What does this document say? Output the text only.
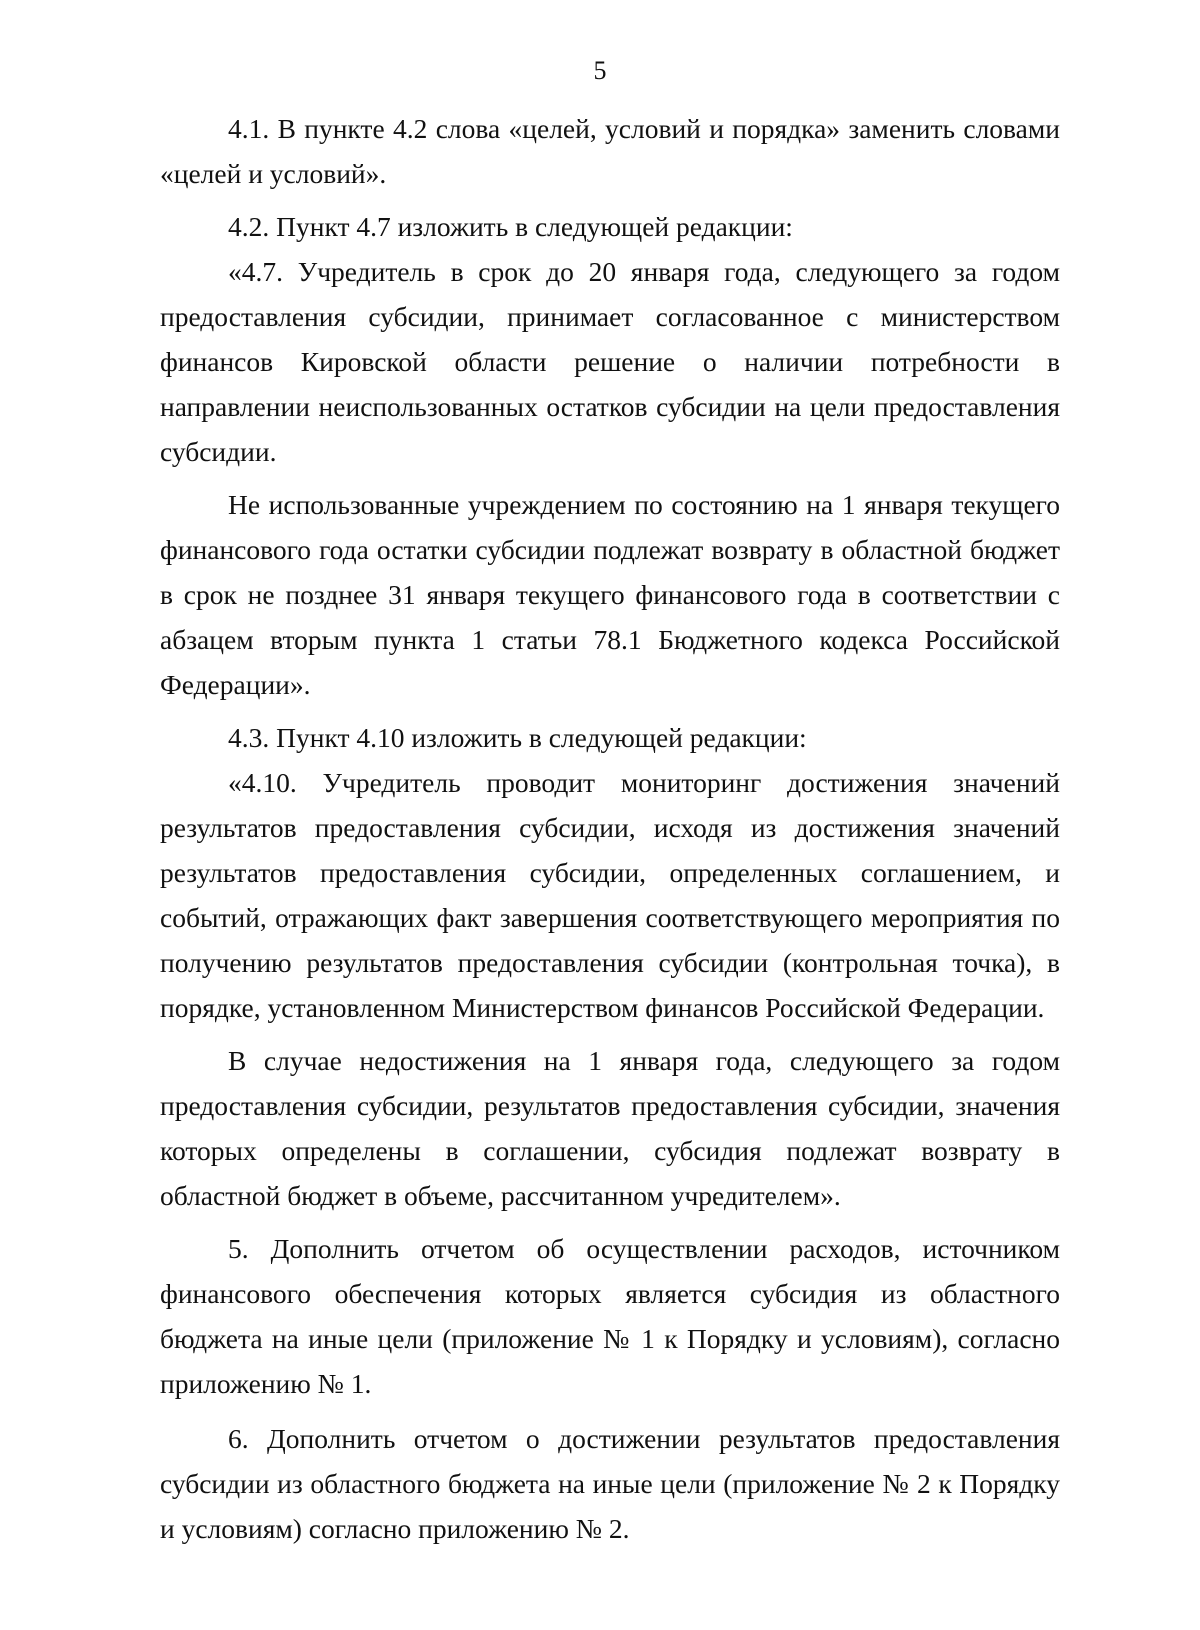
5

4.1. В пункте 4.2 слова «целей, условий и порядка» заменить словами «целей и условий».

4.2. Пункт 4.7 изложить в следующей редакции:

«4.7. Учредитель в срок до 20 января года, следующего за годом предоставления субсидии, принимает согласованное с министерством финансов Кировской области решение о наличии потребности в направлении неиспользованных остатков субсидии на цели предоставления субсидии.

Не использованные учреждением по состоянию на 1 января текущего финансового года остатки субсидии подлежат возврату в областной бюджет в срок не позднее 31 января текущего финансового года в соответствии с абзацем вторым пункта 1 статьи 78.1 Бюджетного кодекса Российской Федерации».

4.3. Пункт 4.10 изложить в следующей редакции:

«4.10. Учредитель проводит мониторинг достижения значений результатов предоставления субсидии, исходя из достижения значений результатов предоставления субсидии, определенных соглашением, и событий, отражающих факт завершения соответствующего мероприятия по получению результатов предоставления субсидии (контрольная точка), в порядке, установленном Министерством финансов Российской Федерации.

В случае недостижения на 1 января года, следующего за годом предоставления субсидии, результатов предоставления субсидии, значения которых определены в соглашении, субсидия подлежат возврату в областной бюджет в объеме, рассчитанном учредителем».

5. Дополнить отчетом об осуществлении расходов, источником финансового обеспечения которых является субсидия из областного бюджета на иные цели (приложение № 1 к Порядку и условиям), согласно приложению № 1.

6. Дополнить отчетом о достижении результатов предоставления субсидии из областного бюджета на иные цели (приложение № 2 к Порядку и условиям) согласно приложению № 2.
